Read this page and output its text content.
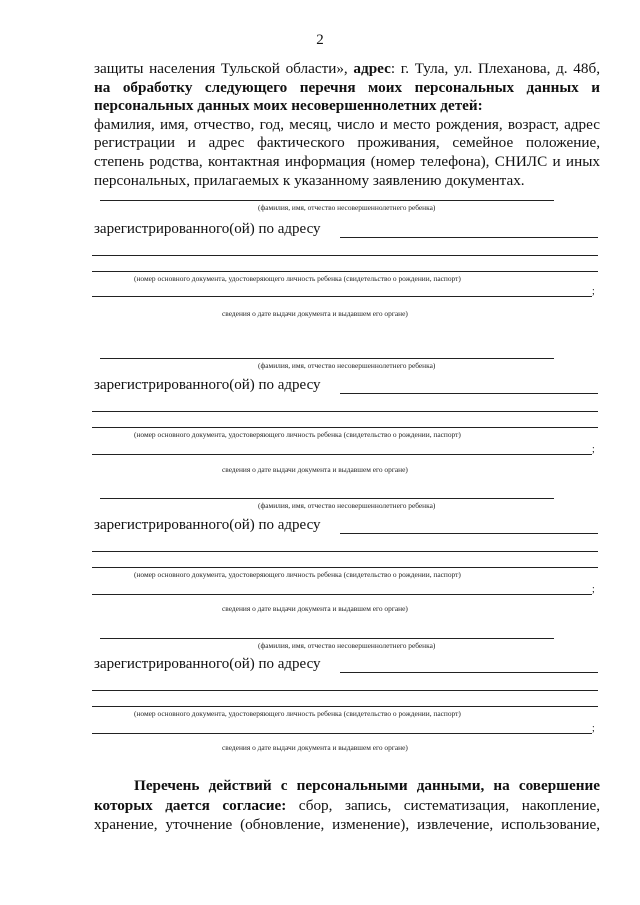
2

защиты населения Тульской области», адрес: г. Тула, ул. Плеханова, д. 48б,

на обработку следующего перечня моих персональных данных и

персональных данных моих несовершеннолетних детей:

фамилия, имя, отчество, год, месяц, число и место рождения, возраст, адрес

регистрации и адрес фактического проживания, семейное положение,

степень родства, контактная информация (номер телефона), СНИЛС и иных

персональных, прилагаемых к указанному заявлению документах.

(фамилия, имя, отчество несовершеннолетнего ребенка)
зарегистрированного(ой) по адресу
(номер основного документа, удостоверяющего личность ребенка (свидетельство о рождении, паспорт)
;
сведения о дате выдачи документа и выдавшем его органе)
(фамилия, имя, отчество несовершеннолетнего ребенка)
зарегистрированного(ой) по адресу
(номер основного документа, удостоверяющего личность ребенка (свидетельство о рождении, паспорт)
;
сведения о дате выдачи документа и выдавшем его органе)
(фамилия, имя, отчество несовершеннолетнего ребенка)
зарегистрированного(ой) по адресу
(номер основного документа, удостоверяющего личность ребенка (свидетельство о рождении, паспорт)
;
сведения о дате выдачи документа и выдавшем его органе)
(фамилия, имя, отчество несовершеннолетнего ребенка)
зарегистрированного(ой) по адресу
(номер основного документа, удостоверяющего личность ребенка (свидетельство о рождении, паспорт)
;
сведения о дате выдачи документа и выдавшем его органе)

Перечень действий с персональными данными, на совершение

которых дается согласие: сбор, запись, систематизация, накопление,

хранение, уточнение (обновление, изменение), извлечение, использование,
